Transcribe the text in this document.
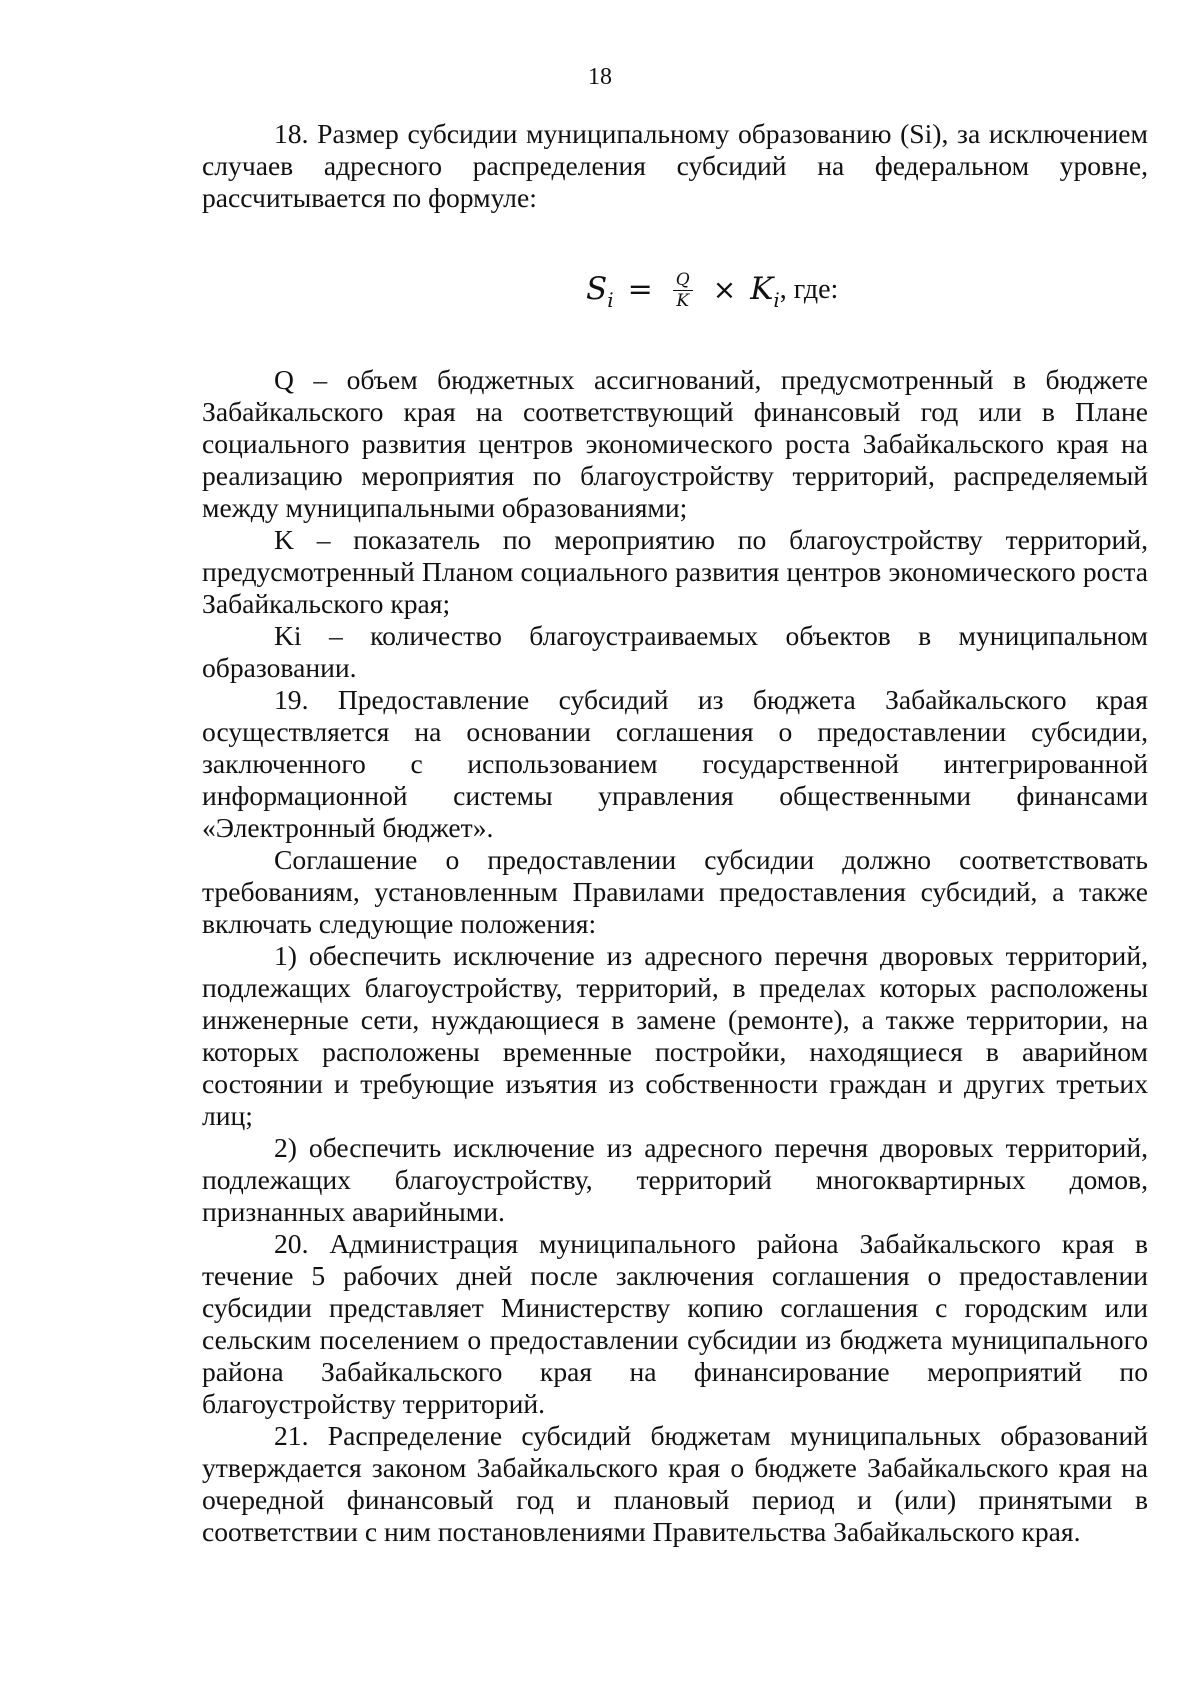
18

18. Размер субсидии муниципальному образованию (Si), за исключением случаев адресного распределения субсидий на федеральном уровне, рассчитывается по формуле:

$S_i = \frac{Q}{K} \times K_i$ , где:

Q – объем бюджетных ассигнований, предусмотренный в бюджете Забайкальского края на соответствующий финансовый год или в Плане социального развития центров экономического роста Забайкальского края на реализацию мероприятия по благоустройству территорий, распределяемый между муниципальными образованиями;

K – показатель по мероприятию по благоустройству территорий, предусмотренный Планом социального развития центров экономического роста Забайкальского края;

Ki – количество благоустраиваемых объектов в муниципальном образовании.

19. Предоставление субсидий из бюджета Забайкальского края осуществляется на основании соглашения о предоставлении субсидии, заключенного с использованием государственной интегрированной информационной системы управления общественными финансами «Электронный бюджет».

Соглашение о предоставлении субсидии должно соответствовать требованиям, установленным Правилами предоставления субсидий, а также включать следующие положения:

1) обеспечить исключение из адресного перечня дворовых территорий, подлежащих благоустройству, территорий, в пределах которых расположены инженерные сети, нуждающиеся в замене (ремонте), а также территории, на которых расположены временные постройки, находящиеся в аварийном состоянии и требующие изъятия из собственности граждан и других третьих лиц;

2) обеспечить исключение из адресного перечня дворовых территорий, подлежащих благоустройству, территорий многоквартирных домов, признанных аварийными.

20. Администрация муниципального района Забайкальского края в течение 5 рабочих дней после заключения соглашения о предоставлении субсидии представляет Министерству копию соглашения с городским или сельским поселением о предоставлении субсидии из бюджета муниципального района Забайкальского края на финансирование мероприятий по благоустройству территорий.

21. Распределение субсидий бюджетам муниципальных образований утверждается законом Забайкальского края о бюджете Забайкальского края на очередной финансовый год и плановый период и (или) принятыми в соответствии с ним постановлениями Правительства Забайкальского края.
